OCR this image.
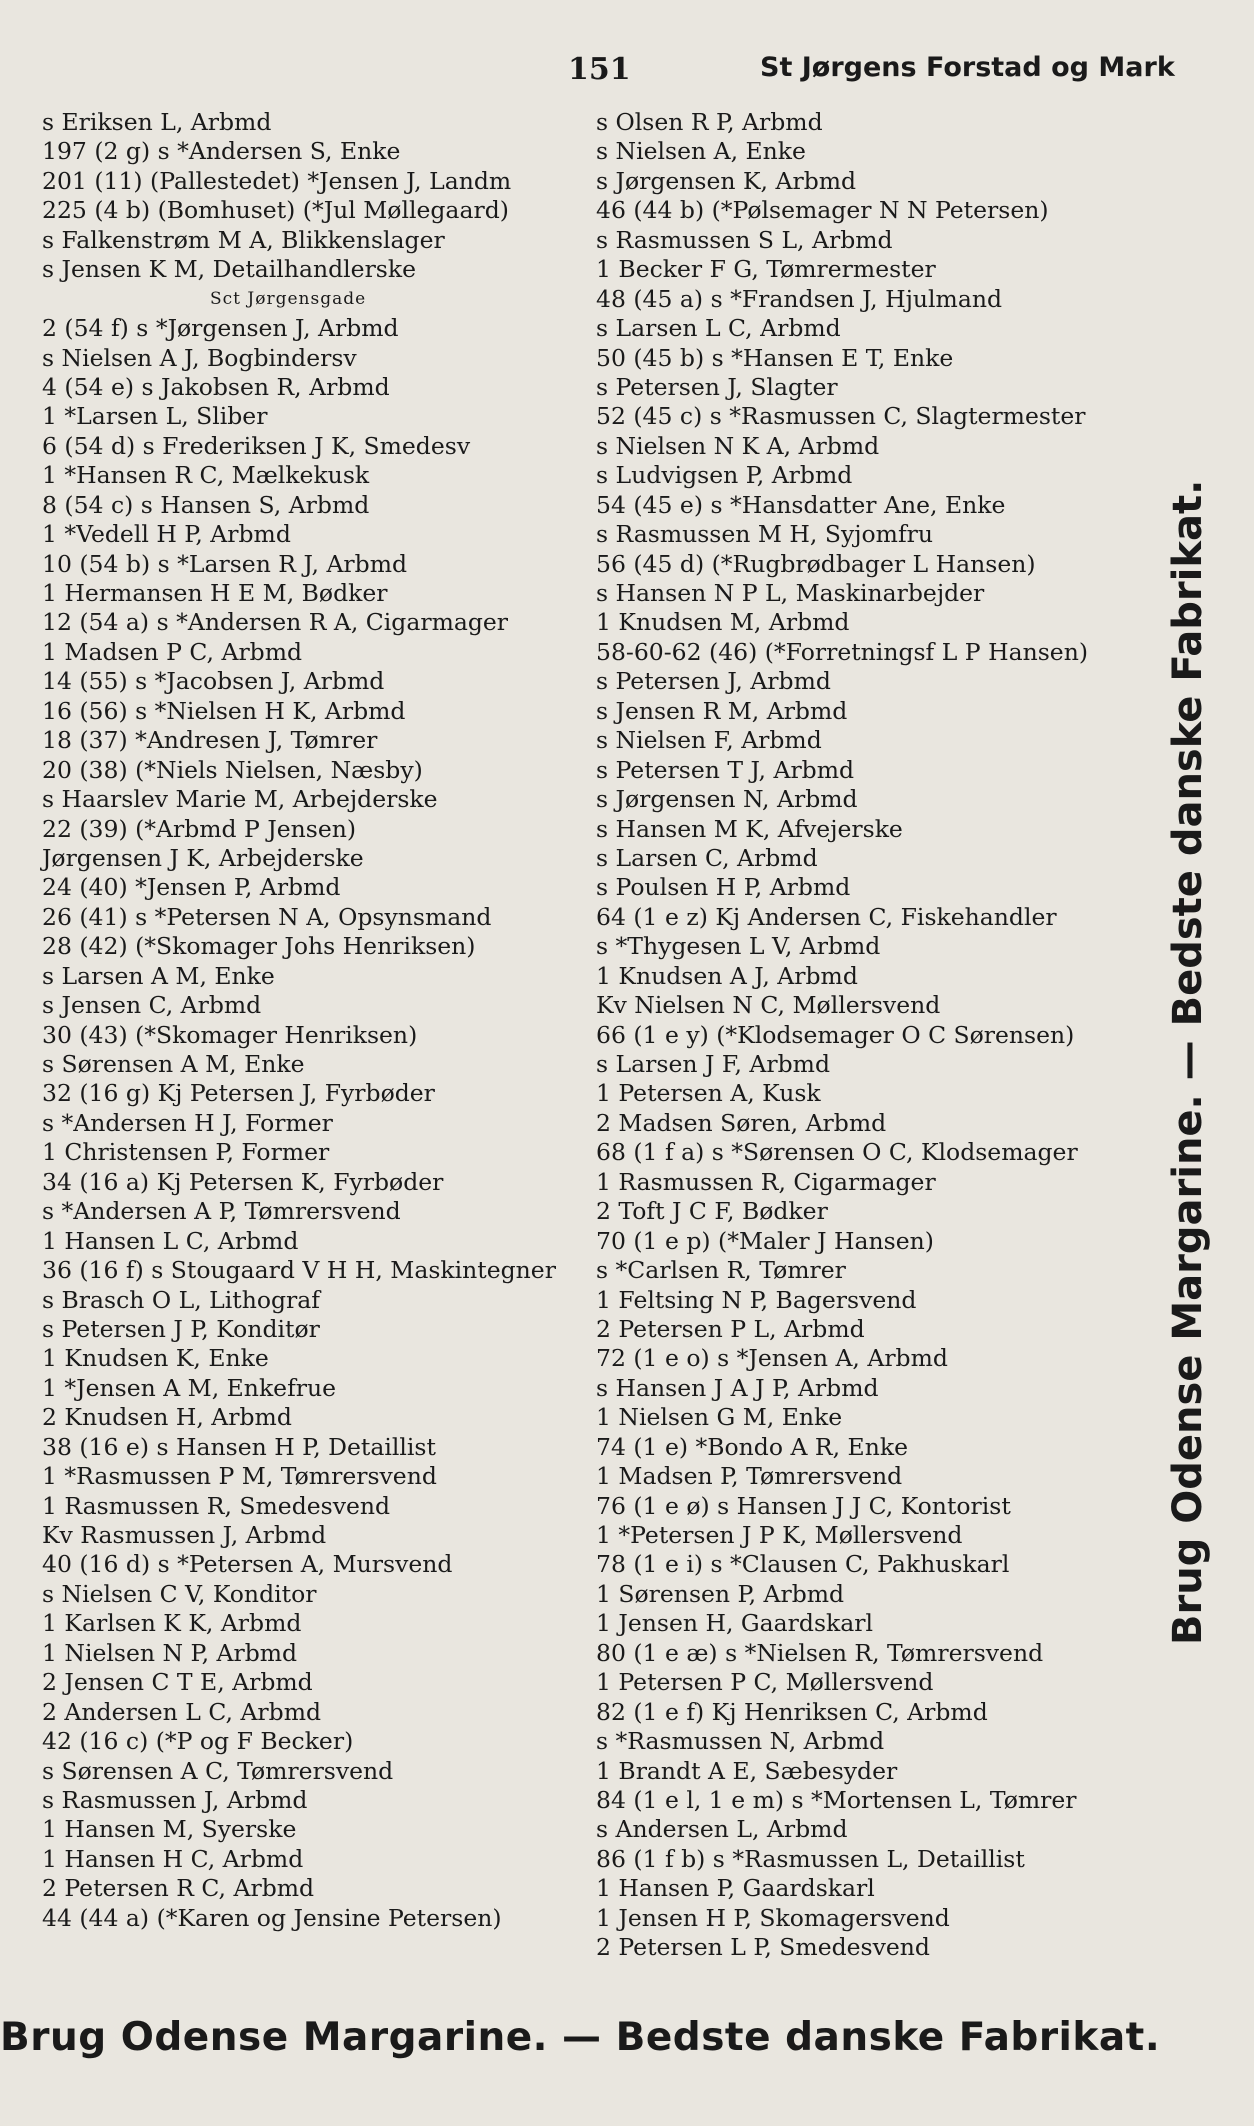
151	St Jørgens Forstad og Mark
s Eriksen L, Arbmd
197 (2 g) s *Andersen S, Enke
201 (11) (Pallestedet) *Jensen J, Landm
225 (4 b) (Bomhuset) (*Jul Møllegaard)
s Falkenstrøm M A, Blikkenslager
s Jensen K M, Detailhandlerske
Sct Jørgensgade
2 (54 f) s *Jørgensen J, Arbmd
s Nielsen A J, Bogbindersv
4 (54 e) s Jakobsen R, Arbmd
1 *Larsen L, Sliber
6 (54 d) s Frederiksen J K, Smedesv
1 *Hansen R C, Mælkekusk
8 (54 c) s Hansen S, Arbmd
1 *Vedell H P, Arbmd
10 (54 b) s *Larsen R J, Arbmd
1 Hermansen H E M, Bødker
12 (54 a) s *Andersen R A, Cigarmager
1 Madsen P C, Arbmd
14 (55) s *Jacobsen J, Arbmd
16 (56) s *Nielsen H K, Arbmd
18 (37) *Andresen J, Tømrer
20 (38) (*Niels Nielsen, Næsby)
s Haarslev Marie M, Arbejderske
22 (39) (*Arbmd P Jensen)
Jørgensen J K, Arbejderske
24 (40) *Jensen P, Arbmd
26 (41) s *Petersen N A, Opsynsmand
28 (42) (*Skomager Johs Henriksen)
s Larsen A M, Enke
s Jensen C, Arbmd
30 (43) (*Skomager Henriksen)
s Sørensen A M, Enke
32 (16 g) Kj Petersen J, Fyrbøder
s *Andersen H J, Former
1 Christensen P, Former
34 (16 a) Kj Petersen K, Fyrbøder
s *Andersen A P, Tømrersvend
1 Hansen L C, Arbmd
36 (16 f) s Stougaard V H H, Maskintegner
s Brasch O L, Lithograf
s Petersen J P, Konditør
1 Knudsen K, Enke
1 *Jensen A M, Enkefrue
2 Knudsen H, Arbmd
38 (16 e) s Hansen H P, Detaillist
1 *Rasmussen P M, Tømrersvend
1 Rasmussen R, Smedesvend
Kv Rasmussen J, Arbmd
40 (16 d) s *Petersen A, Mursvend
s Nielsen C V, Konditor
1 Karlsen K K, Arbmd
1 Nielsen N P, Arbmd
2 Jensen C T E, Arbmd
2 Andersen L C, Arbmd
42 (16 c) (*P og F Becker)
s Sørensen A C, Tømrersvend
s Rasmussen J, Arbmd
1 Hansen M, Syerske
1 Hansen H C, Arbmd
2 Petersen R C, Arbmd
44 (44 a) (*Karen og Jensine Petersen)
s Olsen R P, Arbmd
s Nielsen A, Enke
s Jørgensen K, Arbmd
46 (44 b) (*Pølsemager N N Petersen)
s Rasmussen S L, Arbmd
1 Becker F G, Tømrermester
48 (45 a) s *Frandsen J, Hjulmand
s Larsen L C, Arbmd
50 (45 b) s *Hansen E T, Enke
s Petersen J, Slagter
52 (45 c) s *Rasmussen C, Slagtermester
s Nielsen N K A, Arbmd
s Ludvigsen P, Arbmd
54 (45 e) s *Hansdatter Ane, Enke
s Rasmussen M H, Syjomfru
56 (45 d) (*Rugbrødbager L Hansen)
s Hansen N P L, Maskinarbejder
1 Knudsen M, Arbmd
58-60-62 (46) (*Forretningsf L P Hansen)
s Petersen J, Arbmd
s Jensen R M, Arbmd
s Nielsen F, Arbmd
s Petersen T J, Arbmd
s Jørgensen N, Arbmd
s Hansen M K, Afvejerske
s Larsen C, Arbmd
s Poulsen H P, Arbmd
64 (1 e z) Kj Andersen C, Fiskehandler
s *Thygesen L V, Arbmd
1 Knudsen A J, Arbmd
Kv Nielsen N C, Møllersvend
66 (1 e y) (*Klodsemager O C Sørensen)
s Larsen J F, Arbmd
1 Petersen A, Kusk
2 Madsen Søren, Arbmd
68 (1 f a) s *Sørensen O C, Klodsemager
1 Rasmussen R, Cigarmager
2 Toft J C F, Bødker
70 (1 e p) (*Maler J Hansen)
s *Carlsen R, Tømrer
1 Feltsing N P, Bagersvend
2 Petersen P L, Arbmd
72 (1 e o) s *Jensen A, Arbmd
s Hansen J A J P, Arbmd
1 Nielsen G M, Enke
74 (1 e) *Bondo A R, Enke
1 Madsen P, Tømrersvend
76 (1 e ø) s Hansen J J C, Kontorist
1 *Petersen J P K, Møllersvend
78 (1 e i) s *Clausen C, Pakhuskarl
1 Sørensen P, Arbmd
1 Jensen H, Gaardskarl
80 (1 e æ) s *Nielsen R, Tømrersvend
1 Petersen P C, Møllersvend
82 (1 e f) Kj Henriksen C, Arbmd
s *Rasmussen N, Arbmd
1 Brandt A E, Sæbesyder
84 (1 e l, 1 e m) s *Mortensen L, Tømrer
s Andersen L, Arbmd
86 (1 f b) s *Rasmussen L, Detaillist
1 Hansen P, Gaardskarl
1 Jensen H P, Skomagersvend
2 Petersen L P, Smedesvend
Brug Odense Margarine. — Bedste danske Fabrikat.
Brug Odense Margarine. — Bedste danske Fabrikat.
